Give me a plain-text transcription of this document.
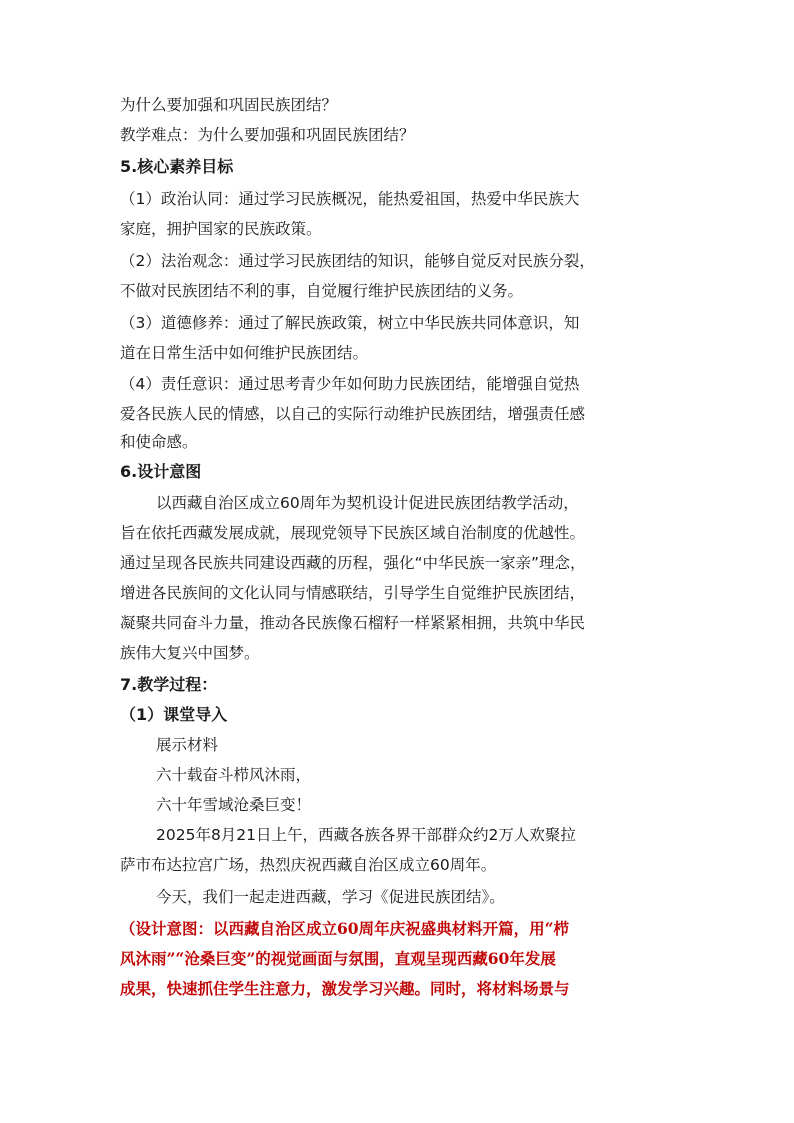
为什么要加强和巩固民族团结？
教学难点：为什么要加强和巩固民族团结？
5.核心素养目标
（1）政治认同：通过学习民族概况，能热爱祖国，热爱中华民族大
家庭，拥护国家的民族政策。
（2）法治观念：通过学习民族团结的知识，能够自觉反对民族分裂，
不做对民族团结不利的事，自觉履行维护民族团结的义务。
（3）道德修养：通过了解民族政策，树立中华民族共同体意识，知
道在日常生活中如何维护民族团结。
（4）责任意识：通过思考青少年如何助力民族团结，能增强自觉热
爱各民族人民的情感，以自己的实际行动维护民族团结，增强责任感
和使命感。
6.设计意图
以西藏自治区成立60周年为契机设计促进民族团结教学活动，
旨在依托西藏发展成就，展现党领导下民族区域自治制度的优越性。
通过呈现各民族共同建设西藏的历程，强化“中华民族一家亲”理念，
增进各民族间的文化认同与情感联结，引导学生自觉维护民族团结，
凝聚共同奋斗力量，推动各民族像石榴籽一样紧紧相拥，共筑中华民
族伟大复兴中国梦。
7.教学过程：
（1）课堂导入
展示材料
六十载奋斗栉风沐雨，
六十年雪域沧桑巨变！
2025年8月21日上午，西藏各族各界干部群众约2万人欢聚拉
萨市布达拉宫广场，热烈庆祝西藏自治区成立60周年。
今天，我们一起走进西藏，学习《促进民族团结》。
（设计意图：以西藏自治区成立60周年庆祝盛典材料开篇，用“栉
风沐雨”“沧桑巨变”的视觉画面与氛围，直观呈现西藏60年发展
成果，快速抓住学生注意力，激发学习兴趣。同时，将材料场景与
